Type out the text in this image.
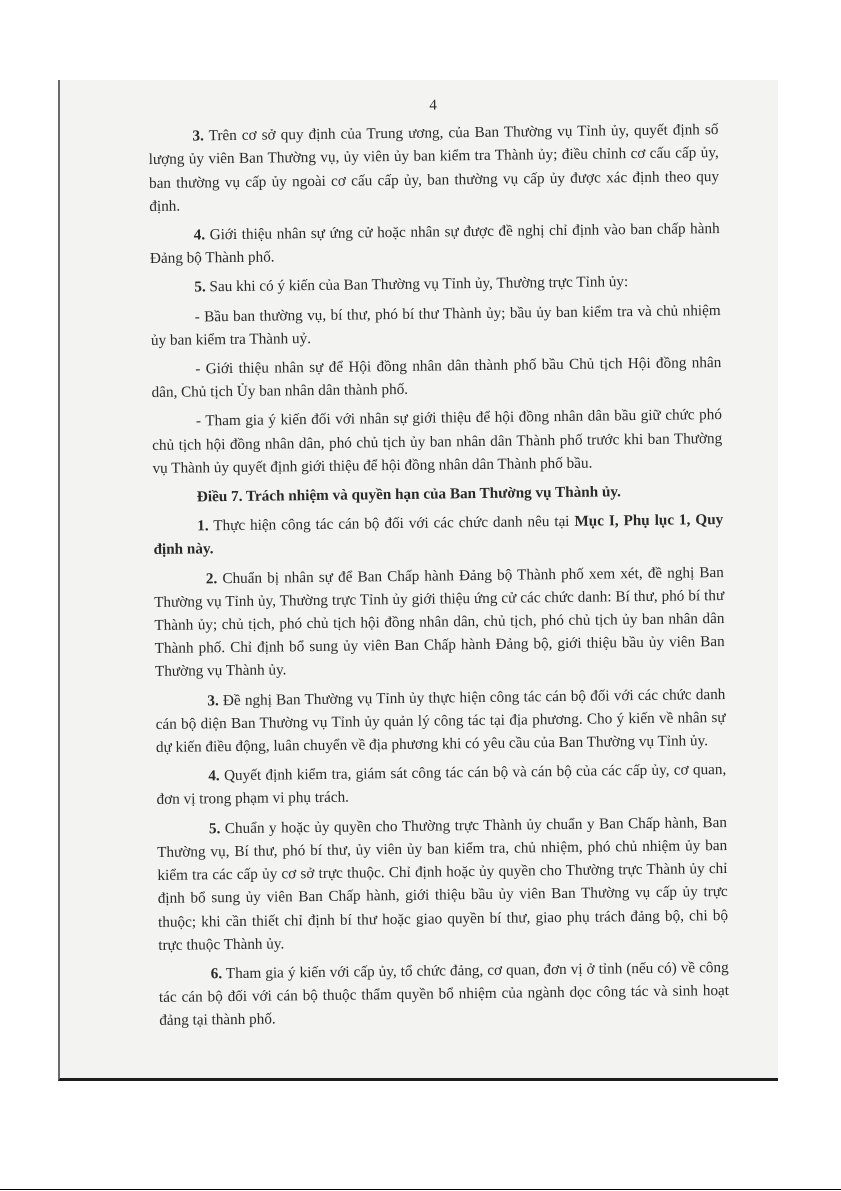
4

3. Trên cơ sở quy định của Trung ương, của Ban Thường vụ Tỉnh ủy, quyết định số lượng ủy viên Ban Thường vụ, ủy viên ủy ban kiểm tra Thành ủy; điều chỉnh cơ cấu cấp ủy, ban thường vụ cấp ủy ngoài cơ cấu cấp ủy, ban thường vụ cấp ủy được xác định theo quy định.

4. Giới thiệu nhân sự ứng cử hoặc nhân sự được đề nghị chỉ định vào ban chấp hành Đảng bộ Thành phố.

5. Sau khi có ý kiến của Ban Thường vụ Tỉnh ủy, Thường trực Tỉnh ủy:

- Bầu ban thường vụ, bí thư, phó bí thư Thành ủy; bầu ủy ban kiểm tra và chủ nhiệm ủy ban kiểm tra Thành uỷ.

- Giới thiệu nhân sự để Hội đồng nhân dân thành phố bầu Chủ tịch Hội đồng nhân dân, Chủ tịch Ủy ban nhân dân thành phố.

- Tham gia ý kiến đối với nhân sự giới thiệu để hội đồng nhân dân bầu giữ chức phó chủ tịch hội đồng nhân dân, phó chủ tịch ủy ban nhân dân Thành phố trước khi ban Thường vụ Thành ủy quyết định giới thiệu để hội đồng nhân dân Thành phố bầu.

Điều 7. Trách nhiệm và quyền hạn của Ban Thường vụ Thành ủy.

1. Thực hiện công tác cán bộ đối với các chức danh nêu tại Mục I, Phụ lục 1, Quy định này.

2. Chuẩn bị nhân sự để Ban Chấp hành Đảng bộ Thành phố xem xét, đề nghị Ban Thường vụ Tỉnh ủy, Thường trực Tỉnh ủy giới thiệu ứng cử các chức danh: Bí thư, phó bí thư Thành ủy; chủ tịch, phó chủ tịch hội đồng nhân dân, chủ tịch, phó chủ tịch ủy ban nhân dân Thành phố. Chỉ định bổ sung ủy viên Ban Chấp hành Đảng bộ, giới thiệu bầu ủy viên Ban Thường vụ Thành ủy.

3. Đề nghị Ban Thường vụ Tỉnh ủy thực hiện công tác cán bộ đối với các chức danh cán bộ diện Ban Thường vụ Tỉnh ủy quản lý công tác tại địa phương. Cho ý kiến về nhân sự dự kiến điều động, luân chuyển về địa phương khi có yêu cầu của Ban Thường vụ Tỉnh ủy.

4. Quyết định kiểm tra, giám sát công tác cán bộ và cán bộ của các cấp ủy, cơ quan, đơn vị trong phạm vi phụ trách.

5. Chuẩn y hoặc ủy quyền cho Thường trực Thành ủy chuẩn y Ban Chấp hành, Ban Thường vụ, Bí thư, phó bí thư, ủy viên ủy ban kiểm tra, chủ nhiệm, phó chủ nhiệm ủy ban kiểm tra các cấp ủy cơ sở trực thuộc. Chỉ định hoặc ủy quyền cho Thường trực Thành ủy chỉ định bổ sung ủy viên Ban Chấp hành, giới thiệu bầu ủy viên Ban Thường vụ cấp ủy trực thuộc; khi cần thiết chỉ định bí thư hoặc giao quyền bí thư, giao phụ trách đảng bộ, chi bộ trực thuộc Thành ủy.

6. Tham gia ý kiến với cấp ủy, tổ chức đảng, cơ quan, đơn vị ở tỉnh (nếu có) về công tác cán bộ đối với cán bộ thuộc thẩm quyền bổ nhiệm của ngành dọc công tác và sinh hoạt đảng tại thành phố.
